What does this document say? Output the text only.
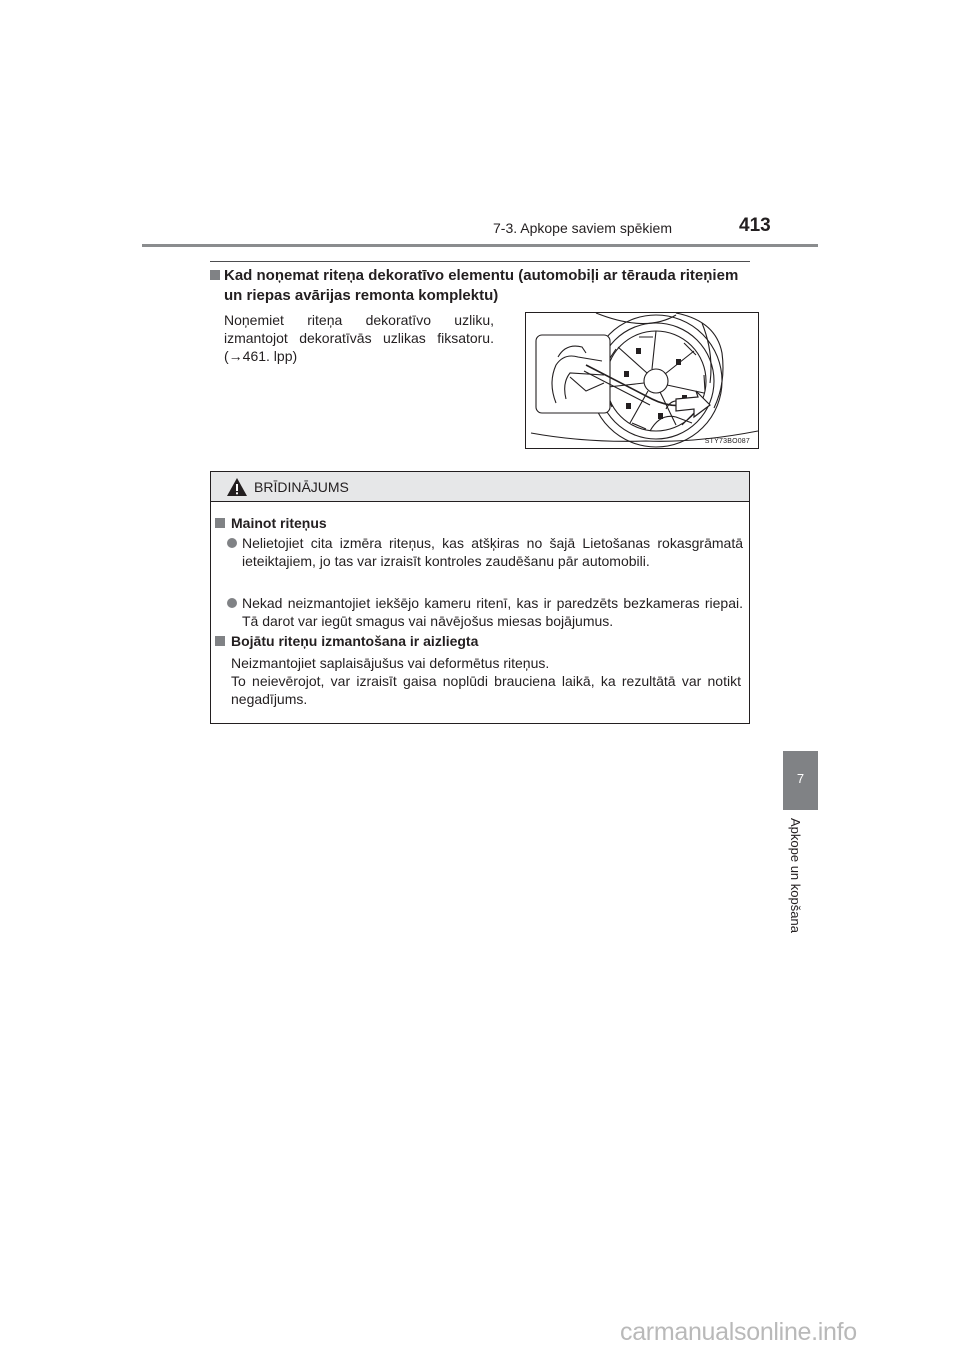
7-3. Apkope saviem spēkiem	413
Kad noņemat riteņa dekoratīvo elementu (automobiļi ar tērauda riteņiem
un riepas avārijas remonta komplektu)
Noņemiet riteņa dekoratīvo uzliku, izmantojot dekoratīvās uzlikas fiksatoru. (→461. lpp)
STY73BO087
BRĪDINĀJUMS
Mainot riteņus
Nelietojiet cita izmēra riteņus, kas atšķiras no šajā Lietošanas rokasgrāmatā ieteiktajiem, jo tas var izraisīt kontroles zaudēšanu pār automobili.
Nekad neizmantojiet iekšējo kameru ritenī, kas ir paredzēts bezkameras riepai. Tā darot var iegūt smagus vai nāvējošus miesas bojājumus.
Bojātu riteņu izmantošana ir aizliegta
Neizmantojiet saplaisājušus vai deformētus riteņus.
To neievērojot, var izraisīt gaisa noplūdi brauciena laikā, ka rezultātā var notikt negadījums.
7
Apkope un kopšana
carmanualsonline.info
